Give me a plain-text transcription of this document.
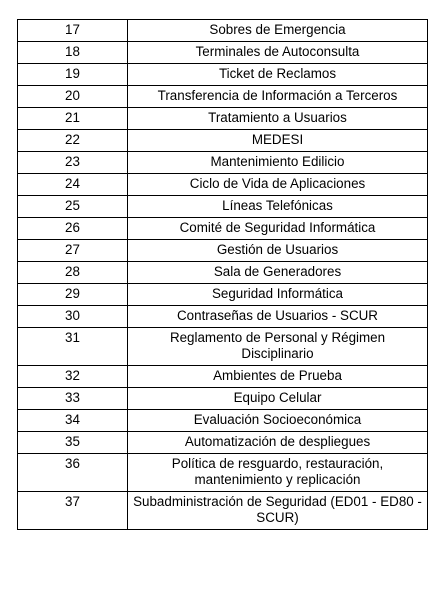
17	Sobres de Emergencia
18	Terminales de Autoconsulta
19	Ticket de Reclamos
20	Transferencia de Información a Terceros
21	Tratamiento a Usuarios
22	MEDESI
23	Mantenimiento Edilicio
24	Ciclo de Vida de Aplicaciones
25	Líneas Telefónicas
26	Comité de Seguridad Informática
27	Gestión de Usuarios
28	Sala de Generadores
29	Seguridad Informática
30	Contraseñas de Usuarios - SCUR
31	Reglamento de Personal y Régimen Disciplinario
32	Ambientes de Prueba
33	Equipo Celular
34	Evaluación Socioeconómica
35	Automatización de despliegues
36	Política de resguardo, restauración, mantenimiento y replicación
37	Subadministración de Seguridad (ED01 - ED80 - SCUR)
